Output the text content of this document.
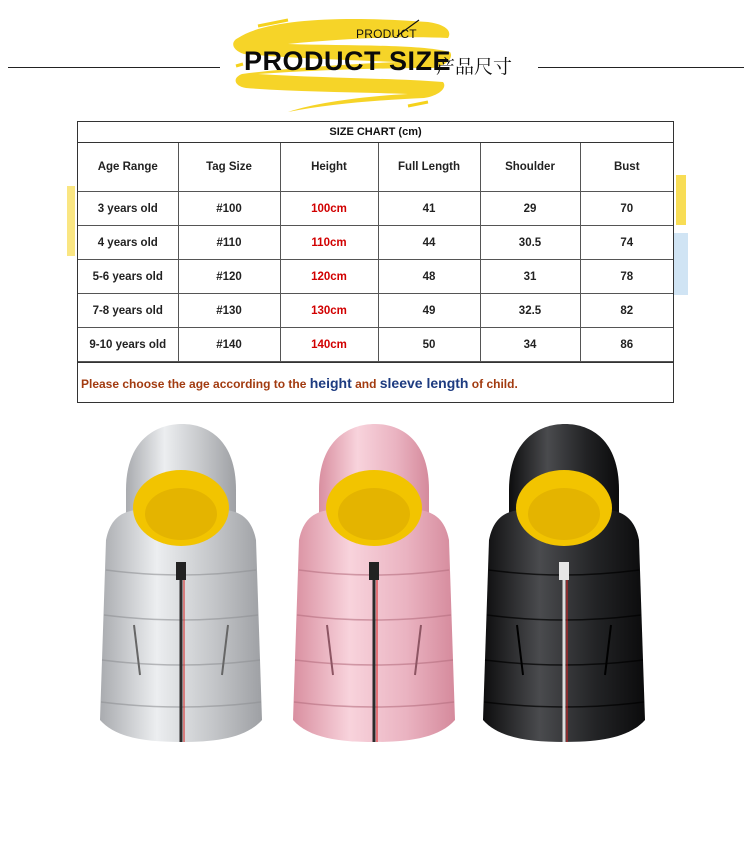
PRODUCT
PRODUCT SIZE
产品尺寸
SIZE CHART (cm)
Age Range	Tag Size	Height	Full Length	Shoulder	Bust
3 years old	#100	100cm	41	29	70
4 years old	#110	110cm	44	30.5	74
5-6 years old	#120	120cm	48	31	78
7-8 years old	#130	130cm	49	32.5	82
9-10 years old	#140	140cm	50	34	86
Please choose the age according to the height and sleeve length of child.
